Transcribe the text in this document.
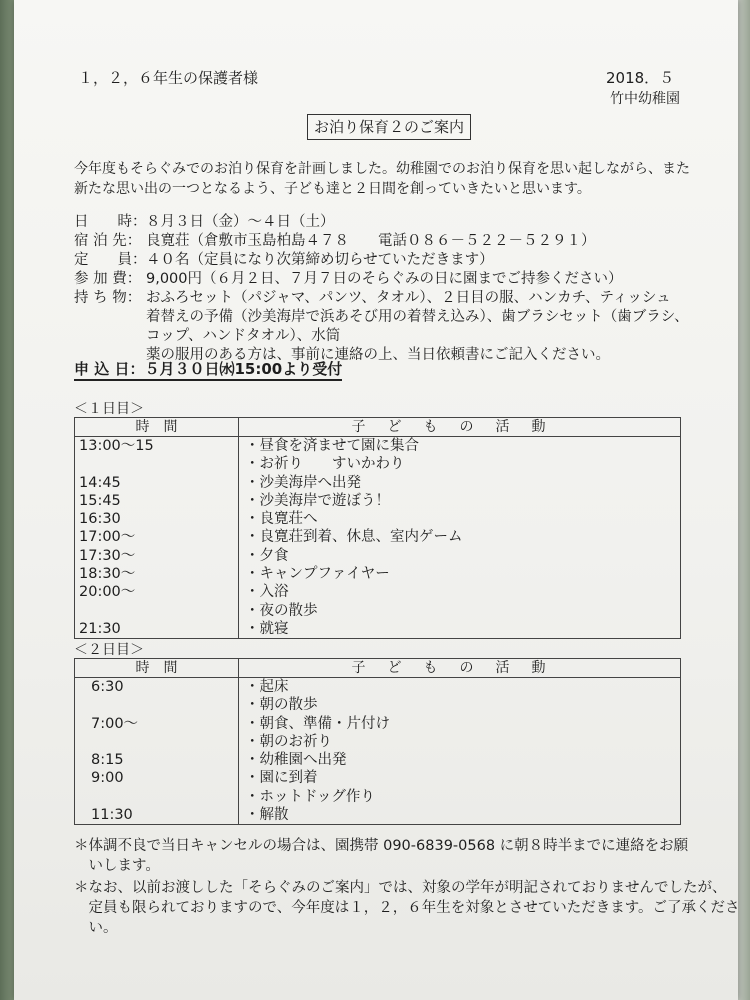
１，２，６年生の保護者様	2018．５
竹中幼稚園
お泊り保育２のご案内
今年度もそらぐみでのお泊り保育を計画しました。幼稚園でのお泊り保育を思い起しながら、また
新たな思い出の一つとなるよう、子ども達と２日間を創っていきたいと思います。
日　　時：８月３日（金）～４日（土）
宿 泊 先： 良寛荘（倉敷市玉島柏島４７８　　電話０８６－５２２－５２９１）
定　　員：４０名（定員になり次第締め切らせていただきます）
参 加 費： 9,000円（６月２日、７月７日のそらぐみの日に園までご持参ください）
持 ち 物： おふろセット（パジャマ、パンツ、タオル）、２日目の服、ハンカチ、ティッシュ
着替えの予備（沙美海岸で浜あそび用の着替え込み）、歯ブラシセット（歯ブラシ、
コップ、ハンドタオル）、水筒
薬の服用のある方は、事前に連絡の上、当日依頼書にご記入ください。
申 込 日：５月３０日㈬15:00より受付
＜１日目＞
時　間	子どもの活動
13:00～15	・昼食を済ませて園に集合
	・お祈り　　すいかわり
14:45	・沙美海岸へ出発
15:45	・沙美海岸で遊ぼう！
16:30	・良寛荘へ
17:00～	・良寛荘到着、休息、室内ゲーム
17:30～	・夕食
18:30～	・キャンプファイヤー
20:00～	・入浴
	・夜の散歩
21:30	・就寝
＜２日目＞
時　間	子どもの活動
6:30	・起床
	・朝の散歩
7:00～	・朝食、準備・片付け
	・朝のお祈り
8:15	・幼稚園へ出発
9:00	・園に到着
	・ホットドッグ作り
11:30	・解散
＊体調不良で当日キャンセルの場合は、園携帯 090-6839-0568 に朝８時半までに連絡をお願
　いします。
＊なお、以前お渡しした「そらぐみのご案内」では、対象の学年が明記されておりませんでしたが、
　定員も限られておりますので、今年度は１，２，６年生を対象とさせていただきます。ご了承くださ
　い。
